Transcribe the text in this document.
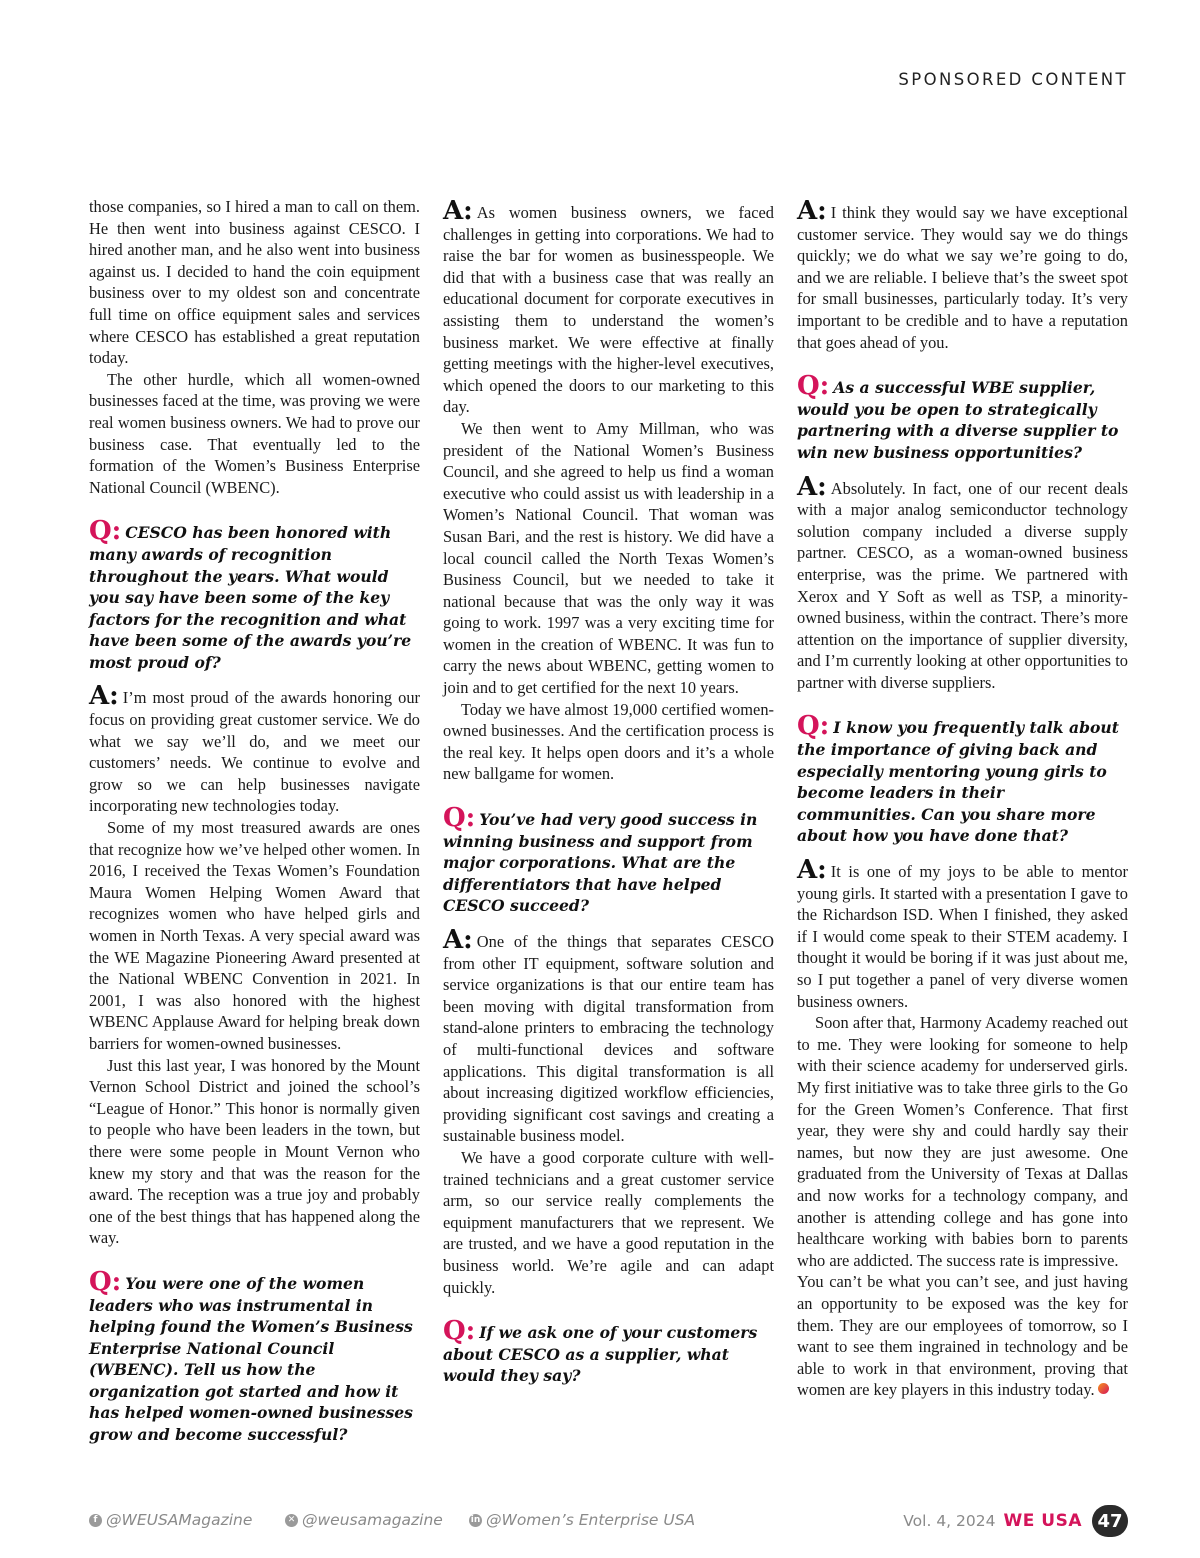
SPONSORED CONTENT

those companies, so I hired a man to call on them. He then went into business against CESCO. I hired another man, and he also went into business against us. I decided to hand the coin equipment business over to my oldest son and concentrate full time on office equipment sales and services where CESCO has established a great reputation today.

The other hurdle, which all women-owned businesses faced at the time, was proving we were real women business owners. We had to prove our business case. That eventually led to the formation of the Women’s Business Enterprise National Council (WBENC).

Q: CESCO has been honored with many awards of recognition throughout the years. What would you say have been some of the key factors for the recognition and what have been some of the awards you’re most proud of?

A: I’m most proud of the awards honoring our focus on providing great customer service. We do what we say we’ll do, and we meet our customers’ needs. We continue to evolve and grow so we can help businesses navigate incorporating new technologies today.

Some of my most treasured awards are ones that recognize how we’ve helped other women. In 2016, I received the Texas Women’s Foundation Maura Women Helping Women Award that recognizes women who have helped girls and women in North Texas. A very special award was the WE Magazine Pioneering Award presented at the National WBENC Convention in 2021. In 2001, I was also honored with the highest WBENC Applause Award for helping break down barriers for women-owned businesses.

Just this last year, I was honored by the Mount Vernon School District and joined the school’s “League of Honor.” This honor is normally given to people who have been leaders in the town, but there were some people in Mount Vernon who knew my story and that was the reason for the award. The reception was a true joy and probably one of the best things that has happened along the way.

Q: You were one of the women leaders who was instrumental in helping found the Women’s Business Enterprise National Council (WBENC). Tell us how the organization got started and how it has helped women-owned businesses grow and become successful?

A: As women business owners, we faced challenges in getting into corporations. We had to raise the bar for women as businesspeople. We did that with a business case that was really an educational document for corporate executives in assisting them to understand the women’s business market. We were effective at finally getting meetings with the higher-level executives, which opened the doors to our marketing to this day.

We then went to Amy Millman, who was president of the National Women’s Business Council, and she agreed to help us find a woman executive who could assist us with leadership in a Women’s National Council. That woman was Susan Bari, and the rest is history. We did have a local council called the North Texas Women’s Business Council, but we needed to take it national because that was the only way it was going to work. 1997 was a very exciting time for women in the creation of WBENC. It was fun to carry the news about WBENC, getting women to join and to get certified for the next 10 years.

Today we have almost 19,000 certified women-owned businesses. And the certification process is the real key. It helps open doors and it’s a whole new ballgame for women.

Q: You’ve had very good success in winning business and support from major corporations. What are the differentiators that have helped CESCO succeed?

A: One of the things that separates CESCO from other IT equipment, software solution and service organizations is that our entire team has been moving with digital transformation from stand-alone printers to embracing the technology of multi-functional devices and software applications. This digital transformation is all about increasing digitized workflow efficiencies, providing significant cost savings and creating a sustainable business model.

We have a good corporate culture with well-trained technicians and a great customer service arm, so our service really complements the equipment manufacturers that we represent. We are trusted, and we have a good reputation in the business world. We’re agile and can adapt quickly.

Q: If we ask one of your customers about CESCO as a supplier, what would they say?

A: I think they would say we have exceptional customer service. They would say we do things quickly; we do what we say we’re going to do, and we are reliable. I believe that’s the sweet spot for small businesses, particularly today. It’s very important to be credible and to have a reputation that goes ahead of you.

Q: As a successful WBE supplier, would you be open to strategically partnering with a diverse supplier to win new business opportunities?

A: Absolutely. In fact, one of our recent deals with a major analog semiconductor technology solution company included a diverse supply partner. CESCO, as a woman-owned business enterprise, was the prime. We partnered with Xerox and Y Soft as well as TSP, a minority-owned business, within the contract. There’s more attention on the importance of supplier diversity, and I’m currently looking at other opportunities to partner with diverse suppliers.

Q: I know you frequently talk about the importance of giving back and especially mentoring young girls to become leaders in their communities. Can you share more about how you have done that?

A: It is one of my joys to be able to mentor young girls. It started with a presentation I gave to the Richardson ISD. When I finished, they asked if I would come speak to their STEM academy. I thought it would be boring if it was just about me, so I put together a panel of very diverse women business owners.

Soon after that, Harmony Academy reached out to me. They were looking for someone to help with their science academy for underserved girls. My first initiative was to take three girls to the Go for the Green Women’s Conference. That first year, they were shy and could hardly say their names, but now they are just awesome. One graduated from the University of Texas at Dallas and now works for a technology company, and another is attending college and has gone into healthcare working with babies born to parents who are addicted. The success rate is impressive.

You can’t be what you can’t see, and just having an opportunity to be exposed was the key for them. They are our employees of tomorrow, so I want to see them ingrained in technology and be able to work in that environment, proving that women are key players in this industry today.

f @WEUSAMagazine	✕ @weusamagazine	in @Women’s Enterprise USA	Vol. 4, 2024 WE USA 47
